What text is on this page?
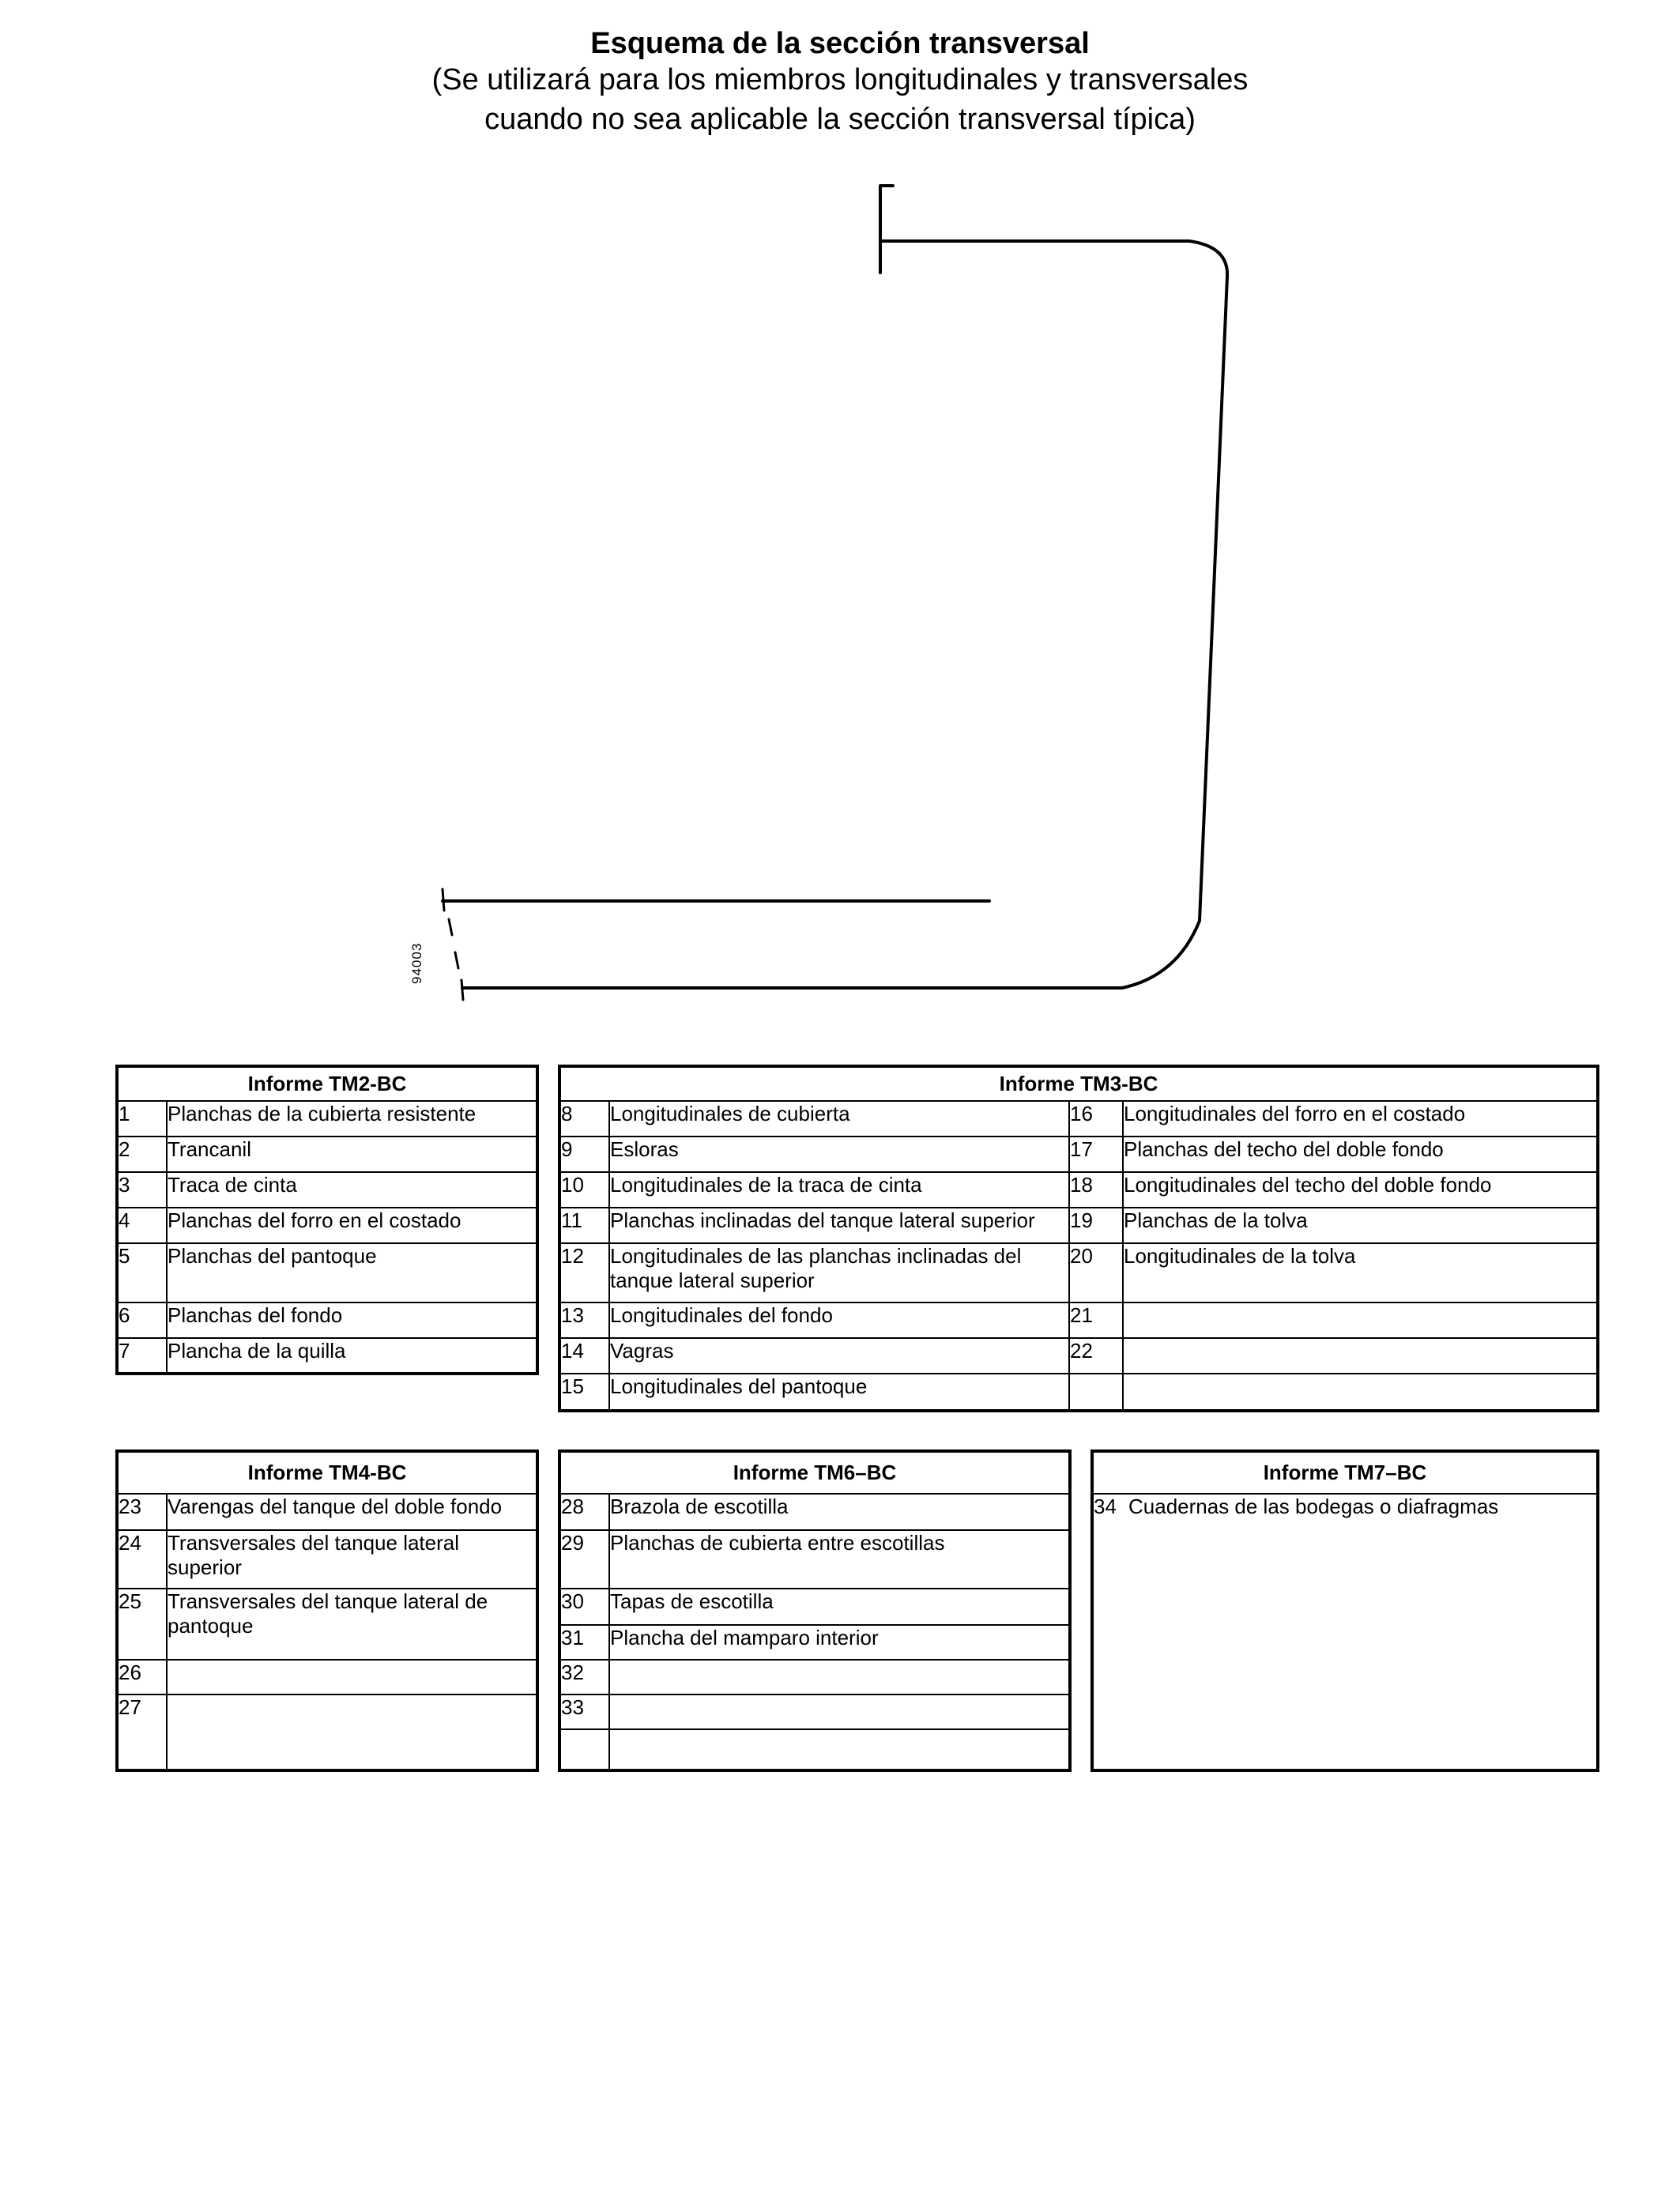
Esquema de la sección transversal

(Se utilizará para los miembros longitudinales y transversales

cuando no sea aplicable la sección transversal típica)

94003
Informe TM2-BC	
1	Planchas de la cubierta resistente
2	Trancanil
3	Traca de cinta
4	Planchas del forro en el costado
5	Planchas del pantoque
6	Planchas del fondo
7	Plancha de la quilla
Informe TM3-BC			
8	Longitudinales de cubierta	16	Longitudinales del forro en el costado
9	Esloras	17	Planchas del techo del doble fondo
10	Longitudinales de la traca de cinta	18	Longitudinales del techo del doble fondo
11	Planchas inclinadas del tanque lateral superior	19	Planchas de la tolva
12	Longitudinales de las planchas inclinadas del tanque lateral superior	20	Longitudinales de la tolva
13	Longitudinales del fondo	21	
14	Vagras	22	
15	Longitudinales del pantoque		
Informe TM4-BC	
23	Varengas del tanque del doble fondo
24	Transversales del tanque lateral superior
25	Transversales del tanque lateral de pantoque
26	
27	
Informe TM6–BC	
28	Brazola de escotilla
29	Planchas de cubierta entre escotillas
30	Tapas de escotilla
31	Plancha del mamparo interior
32	
33	

Informe TM7–BC
34 Cuadernas de las bodegas o diafragmas
